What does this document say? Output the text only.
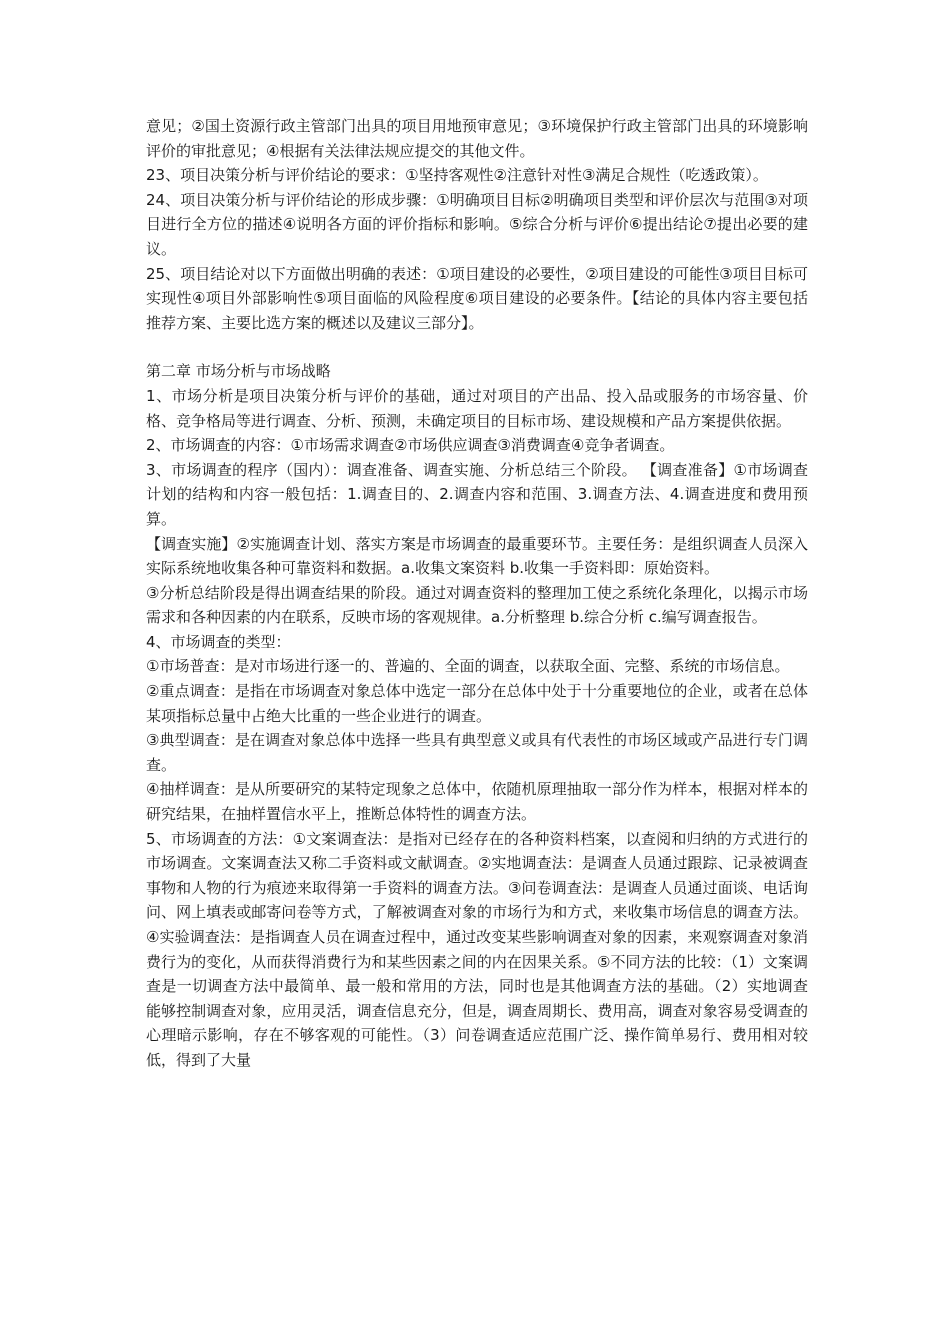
意见；②国土资源行政主管部门出具的项目用地预审意见；③环境保护行政主管部门出具的环境影响评价的审批意见；④根据有关法律法规应提交的其他文件。

23、项目决策分析与评价结论的要求：①坚持客观性②注意针对性③满足合规性（吃透政策）。

24、项目决策分析与评价结论的形成步骤：①明确项目目标②明确项目类型和评价层次与范围③对项目进行全方位的描述④说明各方面的评价指标和影响。⑤综合分析与评价⑥提出结论⑦提出必要的建议。

25、项目结论对以下方面做出明确的表述：①项目建设的必要性，②项目建设的可能性③项目目标可实现性④项目外部影响性⑤项目面临的风险程度⑥项目建设的必要条件。【结论的具体内容主要包括推荐方案、主要比选方案的概述以及建议三部分】。

第二章 市场分析与市场战略

1、市场分析是项目决策分析与评价的基础，通过对项目的产出品、投入品或服务的市场容量、价格、竞争格局等进行调查、分析、预测，未确定项目的目标市场、建设规模和产品方案提供依据。

2、市场调查的内容：①市场需求调查②市场供应调查③消费调查④竞争者调查。

3、市场调查的程序（国内）：调查准备、调查实施、分析总结三个阶段。 【调查准备】①市场调查计划的结构和内容一般包括：1.调查目的、2.调查内容和范围、3.调查方法、4.调查进度和费用预算。

【调查实施】②实施调查计划、落实方案是市场调查的最重要环节。主要任务：是组织调查人员深入实际系统地收集各种可靠资料和数据。a.收集文案资料 b.收集一手资料即：原始资料。

③分析总结阶段是得出调查结果的阶段。通过对调查资料的整理加工使之系统化条理化，以揭示市场需求和各种因素的内在联系，反映市场的客观规律。a.分析整理 b.综合分析 c.编写调查报告。

4、市场调查的类型：

①市场普查：是对市场进行逐一的、普遍的、全面的调查，以获取全面、完整、系统的市场信息。

②重点调查：是指在市场调查对象总体中选定一部分在总体中处于十分重要地位的企业，或者在总体某项指标总量中占绝大比重的一些企业进行的调查。

③典型调查：是在调查对象总体中选择一些具有典型意义或具有代表性的市场区域或产品进行专门调查。

④抽样调查：是从所要研究的某特定现象之总体中，依随机原理抽取一部分作为样本，根据对样本的研究结果，在抽样置信水平上，推断总体特性的调查方法。

5、市场调查的方法：①文案调查法：是指对已经存在的各种资料档案，以查阅和归纳的方式进行的市场调查。文案调查法又称二手资料或文献调查。②实地调查法：是调查人员通过跟踪、记录被调查事物和人物的行为痕迹来取得第一手资料的调查方法。③问卷调查法：是调查人员通过面谈、电话询问、网上填表或邮寄问卷等方式，了解被调查对象的市场行为和方式，来收集市场信息的调查方法。④实验调查法：是指调查人员在调查过程中，通过改变某些影响调查对象的因素，来观察调查对象消费行为的变化，从而获得消费行为和某些因素之间的内在因果关系。⑤不同方法的比较：（1）文案调查是一切调查方法中最简单、最一般和常用的方法，同时也是其他调查方法的基础。（2）实地调查能够控制调查对象，应用灵活，调查信息充分，但是，调查周期长、费用高，调查对象容易受调查的心理暗示影响，存在不够客观的可能性。（3）问卷调查适应范围广泛、操作简单易行、费用相对较低，得到了大量
